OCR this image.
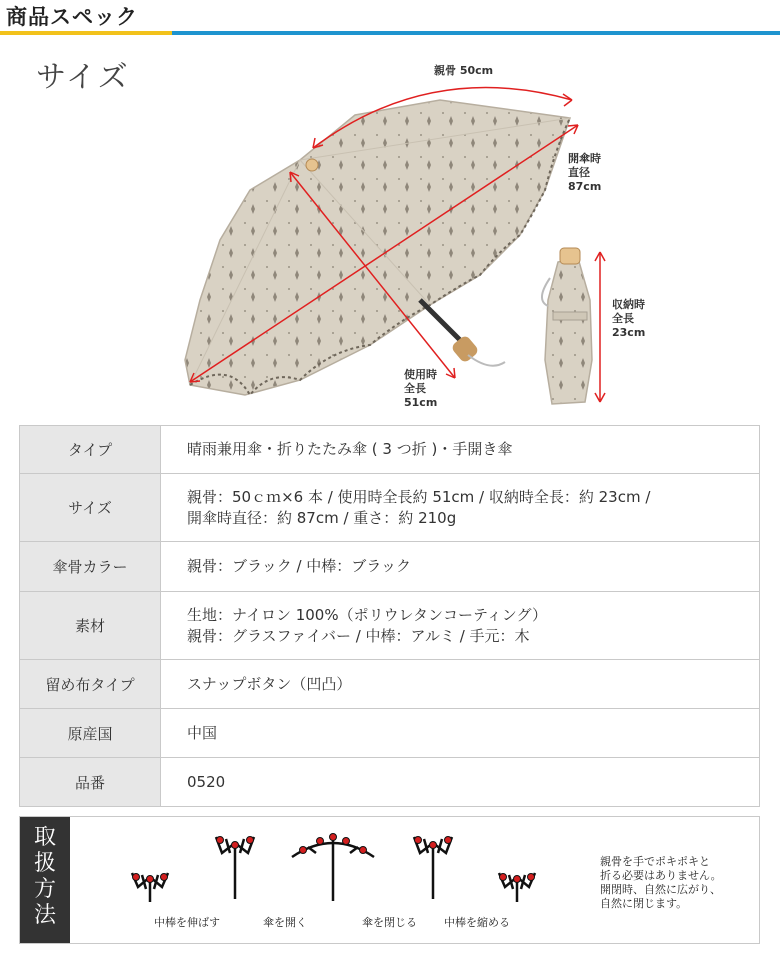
商品スペック
サイズ	親骨 50cm
開傘時
直径
87cm
収納時
全長
23cm
使用時
全長
51cm
タイプ	晴雨兼用傘・折りたたみ傘 ( 3 つ折 )・手開き傘

サイズ	親骨：50ｃｍ×6 本 / 使用時全長約 51cm / 収納時全長：約 23cm /
開傘時直径：約 87cm / 重さ：約 210g

傘骨カラー	親骨：ブラック / 中棒：ブラック

素材	生地：ナイロン 100%（ポリウレタンコーティング）
親骨：グラスファイバー / 中棒：アルミ / 手元：木

留め布タイプ	スナップボタン（凹凸）

原産国	中国

品番	0520
取
扱
方
法	中棒を伸ばす	傘を開く	傘を閉じる 中棒を縮める
親骨を手でポキポキと
折る必要はありません。
開閉時、自然に広がり、
自然に閉じます。
